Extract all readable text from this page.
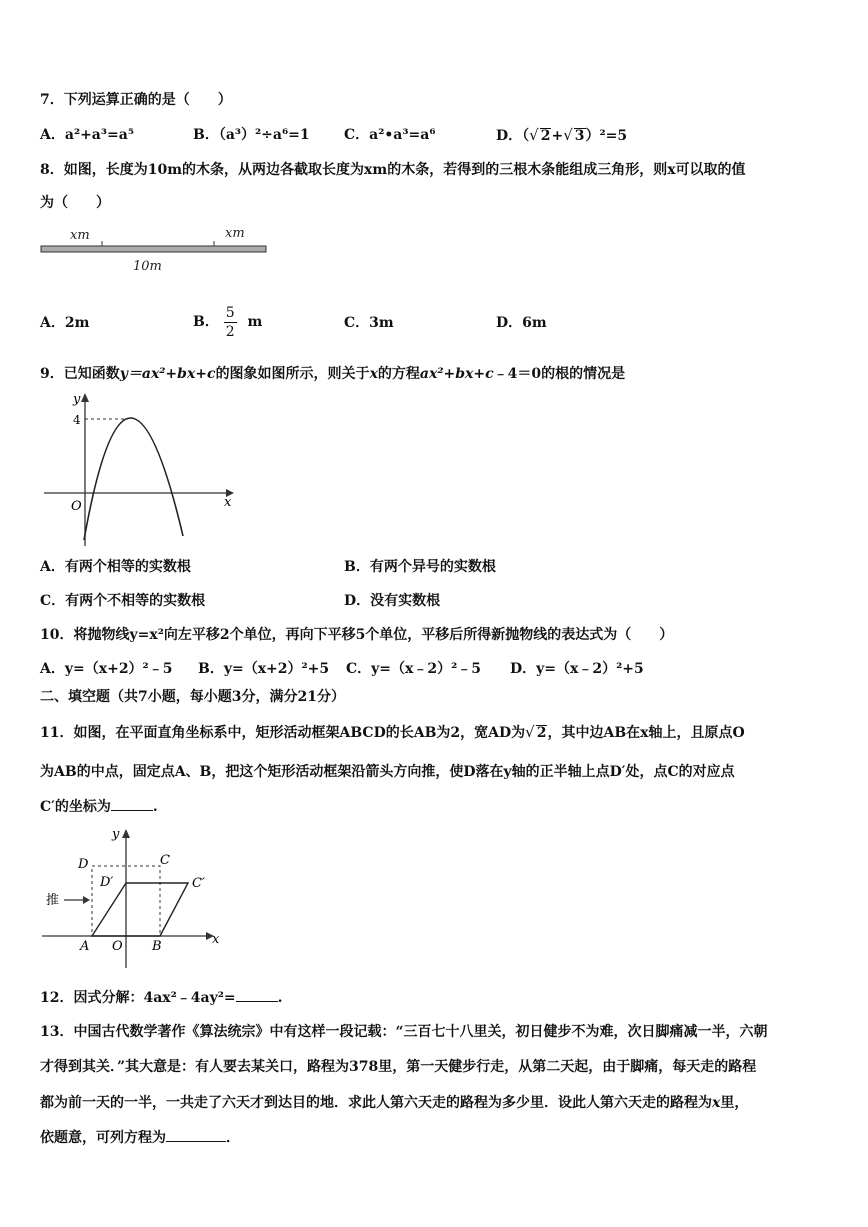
7．下列运算正确的是（　　）
A．a²+a³=a⁵	B．（a³）²÷a⁶=1 C．a²•a³=a⁶	D．（√ 2+√ 3）²=5
8．如图，长度为10m的木条，从两边各截取长度为xm的木条，若得到的三根木条能组成三角形，则x可以取的值
为（　　）
xm	xm
10m
A．2m	B． $\frac{5}{2}$ m	C．3m	D．6m
9．已知函数y＝ax²+bx+c的图象如图所示，则关于x的方程ax²+bx+c﹣4＝0的根的情况是
y
x
O
4
A．有两个相等的实数根	B．有两个异号的实数根
C．有两个不相等的实数根	D．没有实数根
10．将抛物线y=x²向左平移2个单位，再向下平移5个单位，平移后所得新抛物线的表达式为（　　）
A．y=（x+2）²﹣5 B．y=（x+2）²+5 C．y=（x﹣2）²﹣5 D．y=（x﹣2）²+5
二、填空题（共7小题，每小题3分，满分21分）
11．如图，在平面直角坐标系中，矩形活动框架ABCD的长AB为2，宽AD为√ 2，其中边AB在x轴上，且原点O
为AB的中点，固定点A、B，把这个矩形活动框架沿箭头方向推，使D落在y轴的正半轴上点D′处，点C的对应点
C′的坐标为	.
y
x
D	C
D′	C′
A O B
推
12．因式分解：4ax²﹣4ay²=	.
13．中国古代数学著作《算法统宗》中有这样一段记载：“三百七十八里关，初日健步不为难，次日脚痛减一半，六朝
才得到其关．”其大意是：有人要去某关口，路程为378里，第一天健步行走，从第二天起，由于脚痛，每天走的路程
都为前一天的一半，一共走了六天才到达目的地．求此人第六天走的路程为多少里．设此人第六天走的路程为x里，
依题意，可列方程为	．
